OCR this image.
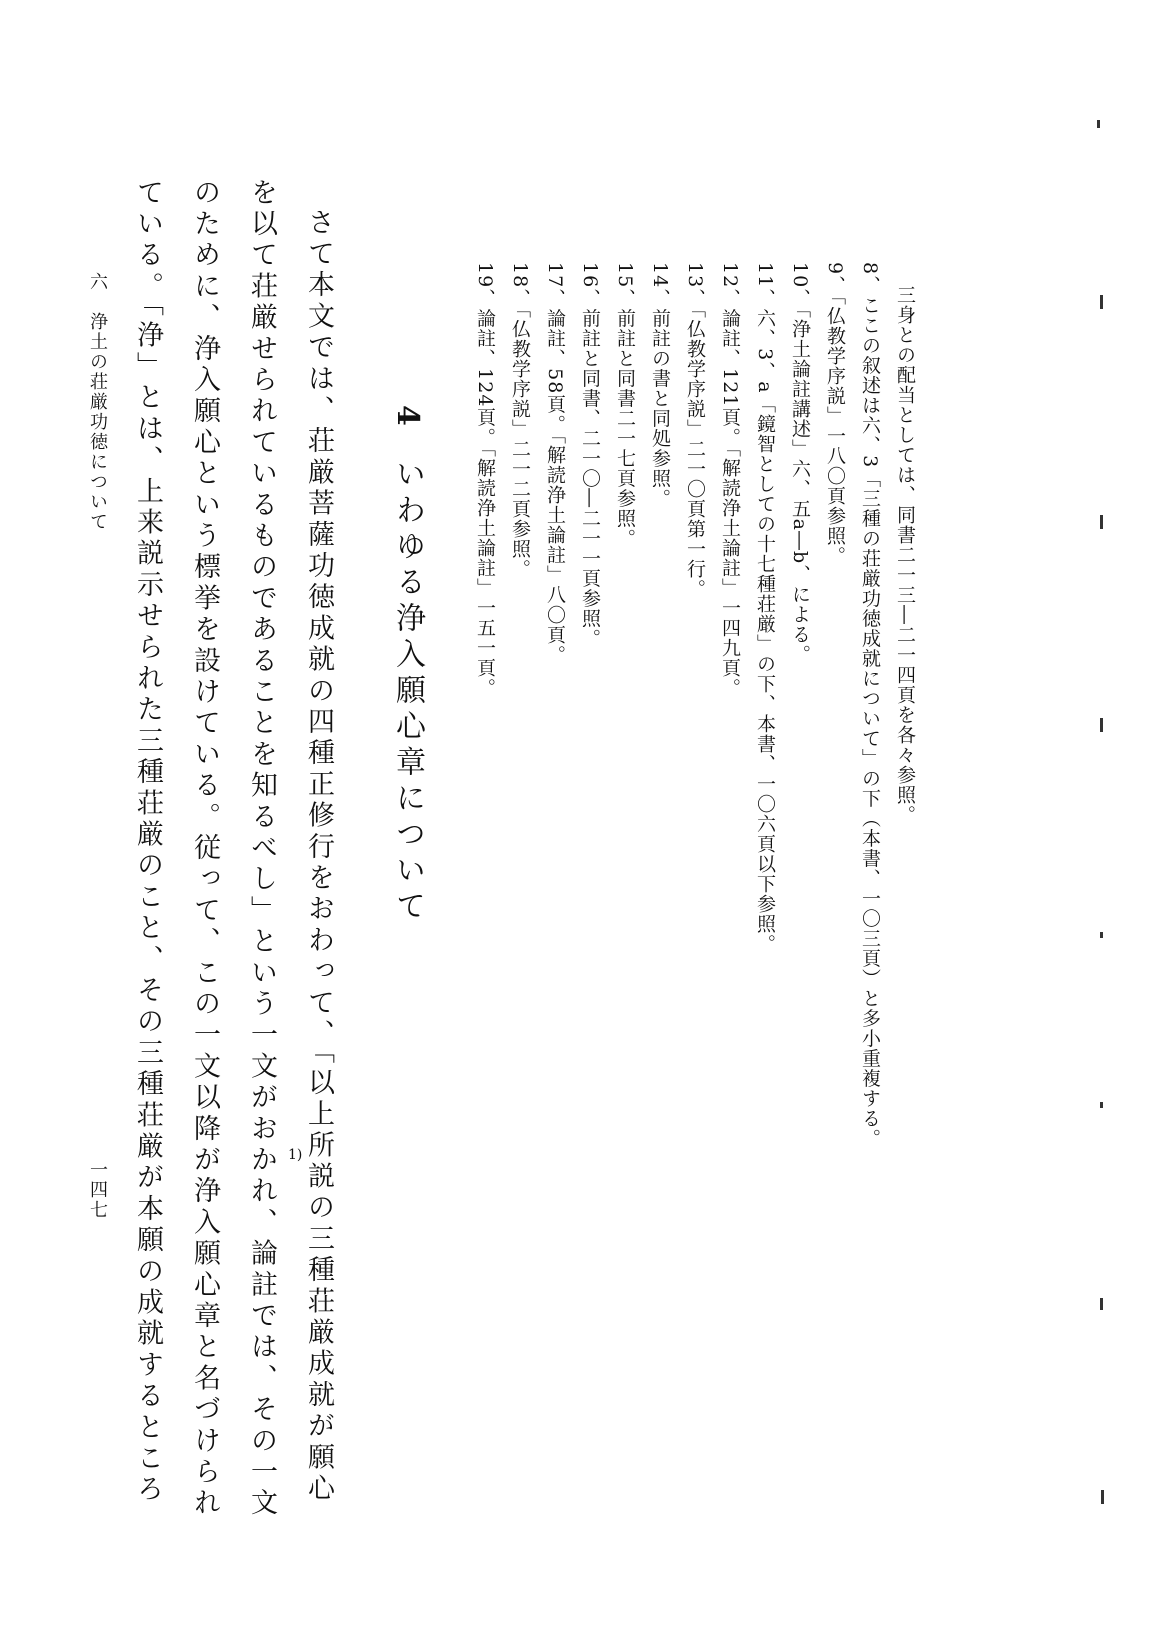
三身との配当としては、同書二一三―二一四頁を各々参照。

8、ここの叙述は六、3「三種の荘厳功徳成就について」の下（本書、一〇三頁）と多小重複する。

9、「仏教学序説」一八〇頁参照。

10、「浄土論註講述」六、五a―b、による。

11、六、3、a「鏡智としての十七種荘厳」の下、本書、一〇六頁以下参照。

12、論註、121頁。「解読浄土論註」一四九頁。

13、「仏教学序説」二一〇頁第一行。

14、前註の書と同処参照。

15、前註と同書二一七頁参照。

16、前註と同書、二一〇―二一一頁参照。

17、論註、58頁。「解読浄土論註」八〇頁。

18、「仏教学序説」二一二頁参照。

19、論註、124頁。「解読浄土論註」一五一頁。

4いわゆる浄入願心章について

さて本文では、荘厳菩薩功徳成就の四種正修行をおわって、「以上所説の三種荘厳成就が願心

を以て荘厳せられているものであることを知るべし」という一文がおかれ、論註では、その一文

のために、浄入願心という標挙を設けている。従って、この一文以降が浄入願心章と名づけられ

ている。「浄」とは、上来説示せられた三種荘厳のこと、その三種荘厳が本願の成就するところ	1)

六　浄土の荘厳功徳について

一四七
